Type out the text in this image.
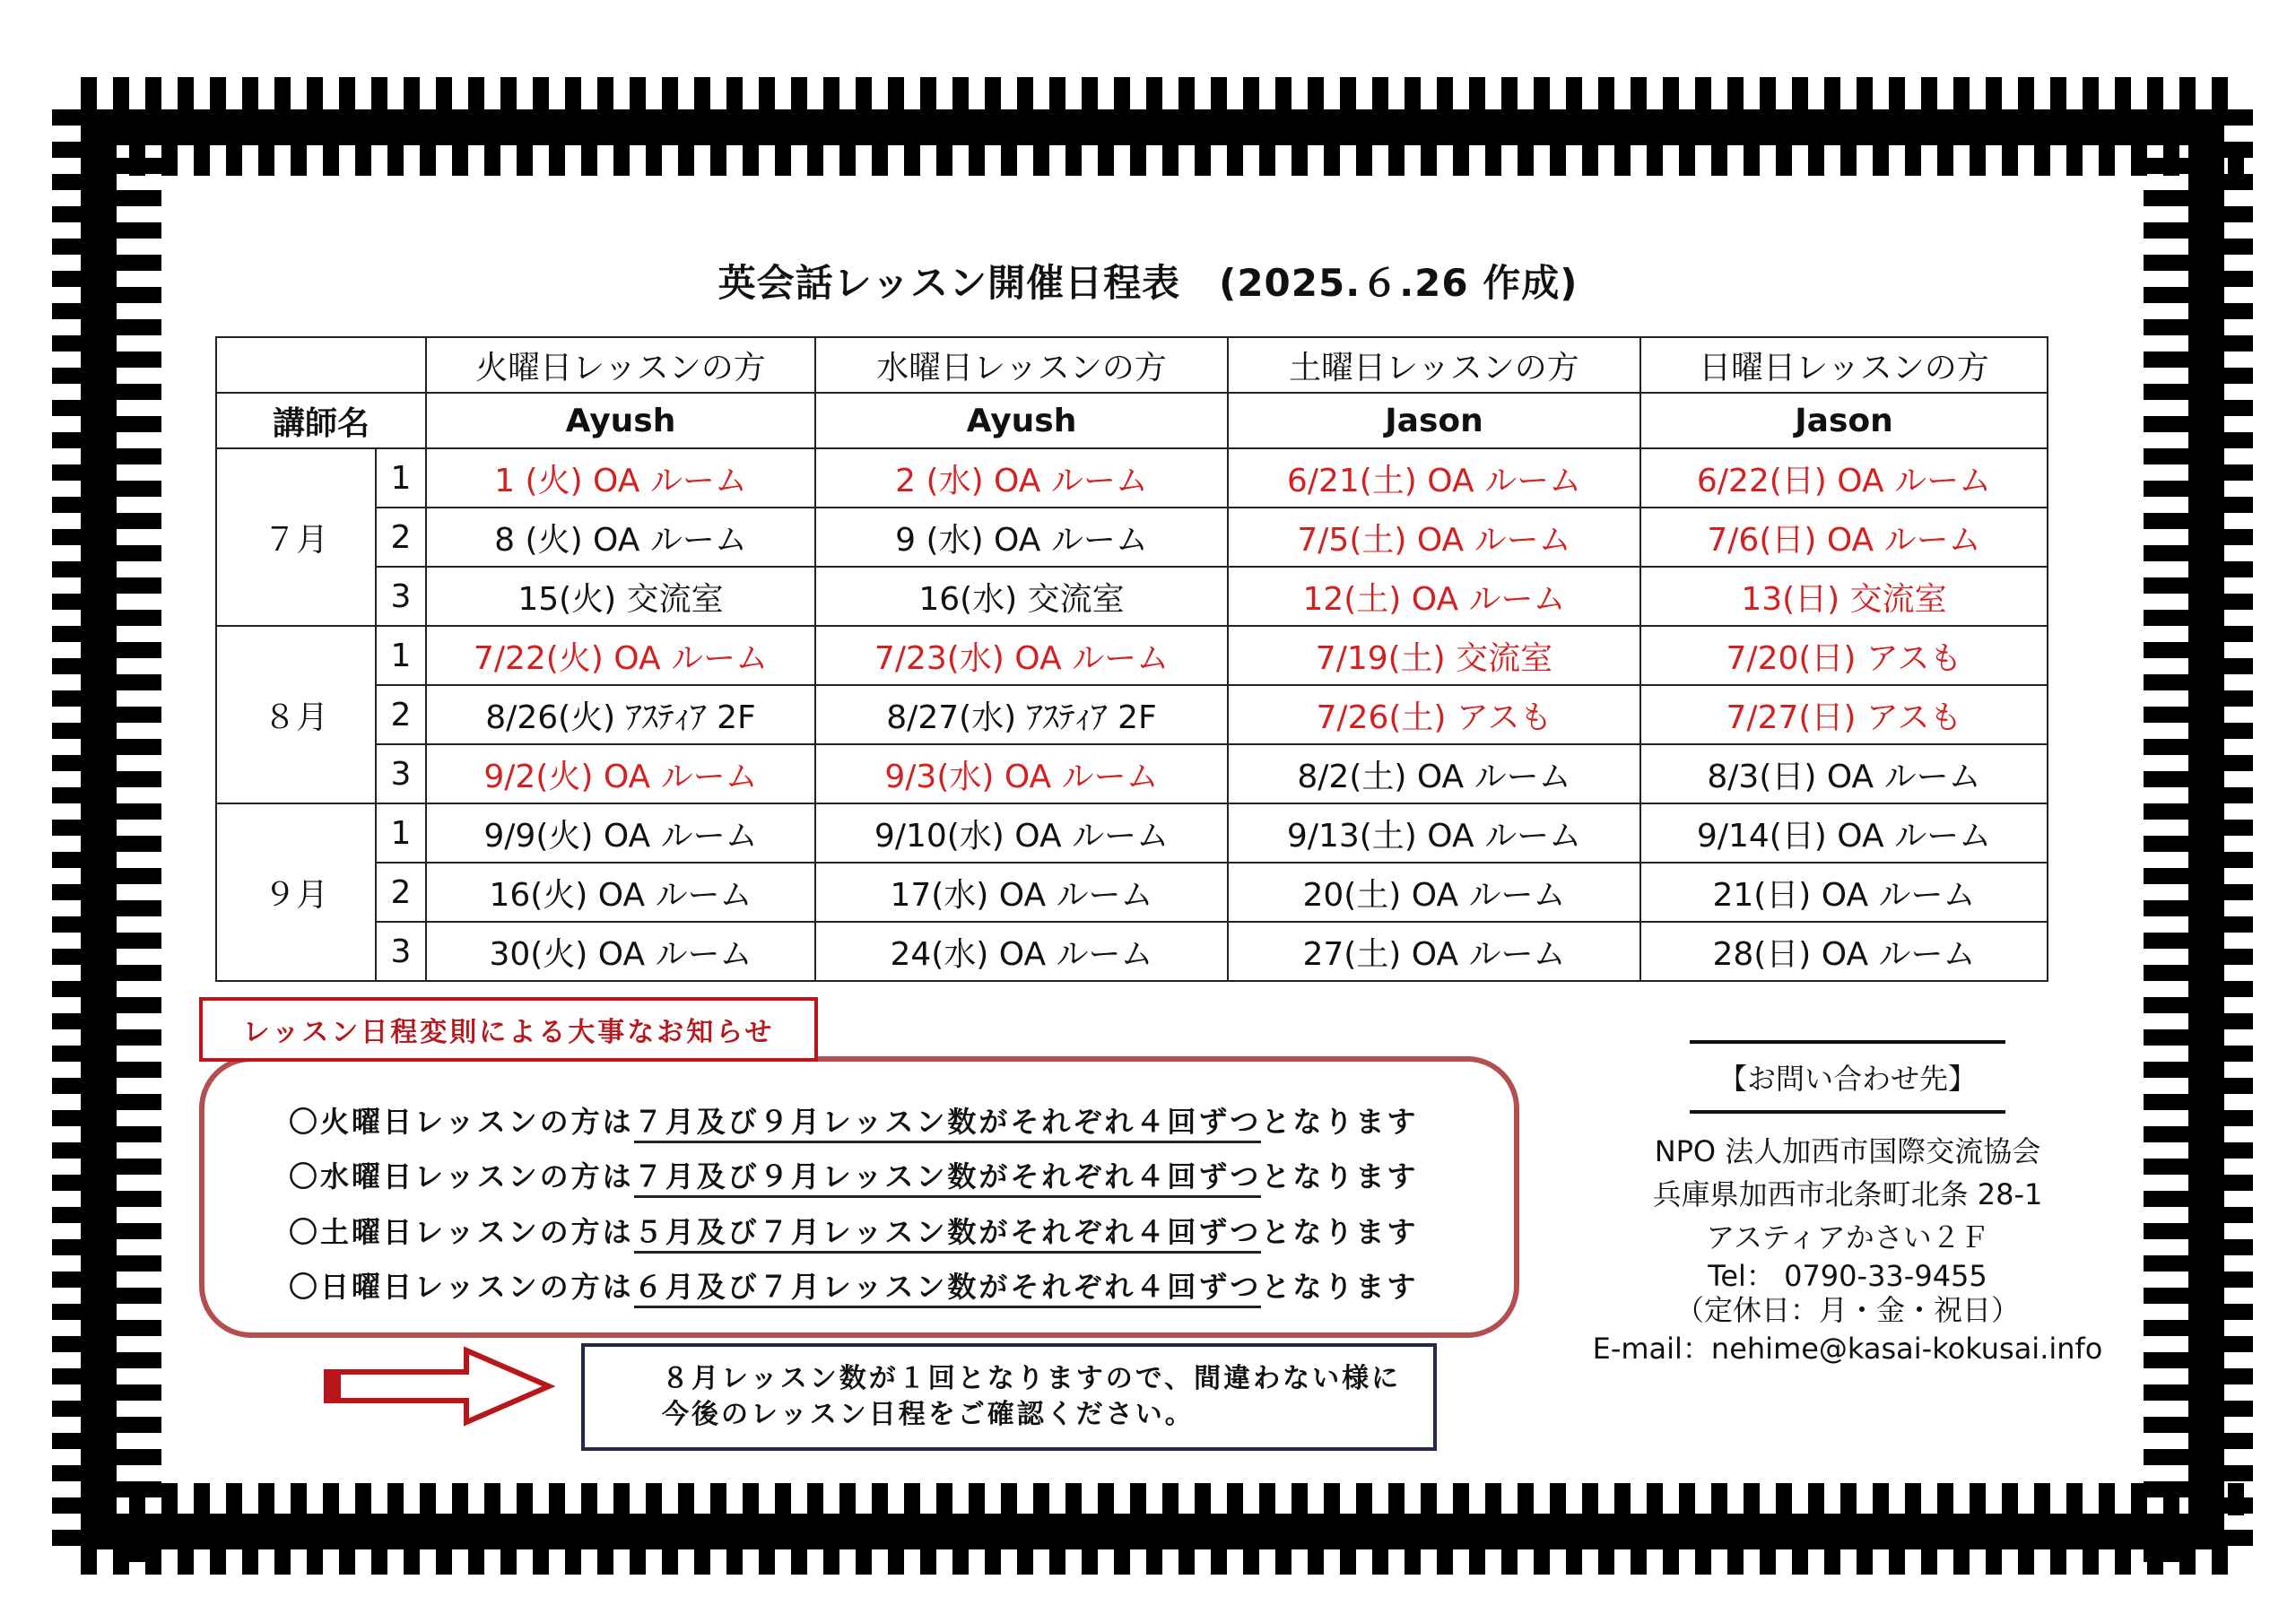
英会話レッスン開催日程表　(2025.６.26 作成)
		火曜日レッスンの方	水曜日レッスンの方	土曜日レッスンの方	日曜日レッスンの方
講師名		Ayush	Ayush	Jason	Jason
７月	1	1 (火) OA ルーム	2 (水) OA ルーム	6/21(土) OA ルーム	6/22(日) OA ルーム
	2	8 (火) OA ルーム	9 (水) OA ルーム	7/5(土) OA ルーム	7/6(日) OA ルーム
	3	15(火) 交流室	16(水) 交流室	12(土) OA ルーム	13(日) 交流室
８月	1	7/22(火) OA ルーム	7/23(水) OA ルーム	7/19(土) 交流室	7/20(日) アスも
	2	8/26(火) ｱｽﾃｨｱ 2F	8/27(水) ｱｽﾃｨｱ 2F	7/26(土) アスも	7/27(日) アスも
	3	9/2(火) OA ルーム	9/3(水) OA ルーム	8/2(土) OA ルーム	8/3(日) OA ルーム
９月	1	9/9(火) OA ルーム	9/10(水) OA ルーム	9/13(土) OA ルーム	9/14(日) OA ルーム
	2	16(火) OA ルーム	17(水) OA ルーム	20(土) OA ルーム	21(日) OA ルーム
	3	30(火) OA ルーム	24(水) OA ルーム	27(土) OA ルーム	28(日) OA ルーム
レッスン日程変則による大事なお知らせ
〇火曜日レッスンの方は７月及び９月レッスン数がそれぞれ４回ずつとなります
〇水曜日レッスンの方は７月及び９月レッスン数がそれぞれ４回ずつとなります
〇土曜日レッスンの方は５月及び７月レッスン数がそれぞれ４回ずつとなります
〇日曜日レッスンの方は６月及び７月レッスン数がそれぞれ４回ずつとなります
８月レッスン数が１回となりますので、間違わない様に
今後のレッスン日程をご確認ください。
【お問い合わせ先】
NPO 法人加西市国際交流協会
兵庫県加西市北条町北条 28-1
アスティアかさい２Ｆ
Tel： 0790-33-9455
（定休日：月・金・祝日）
E-mail：nehime@kasai-kokusai.info
